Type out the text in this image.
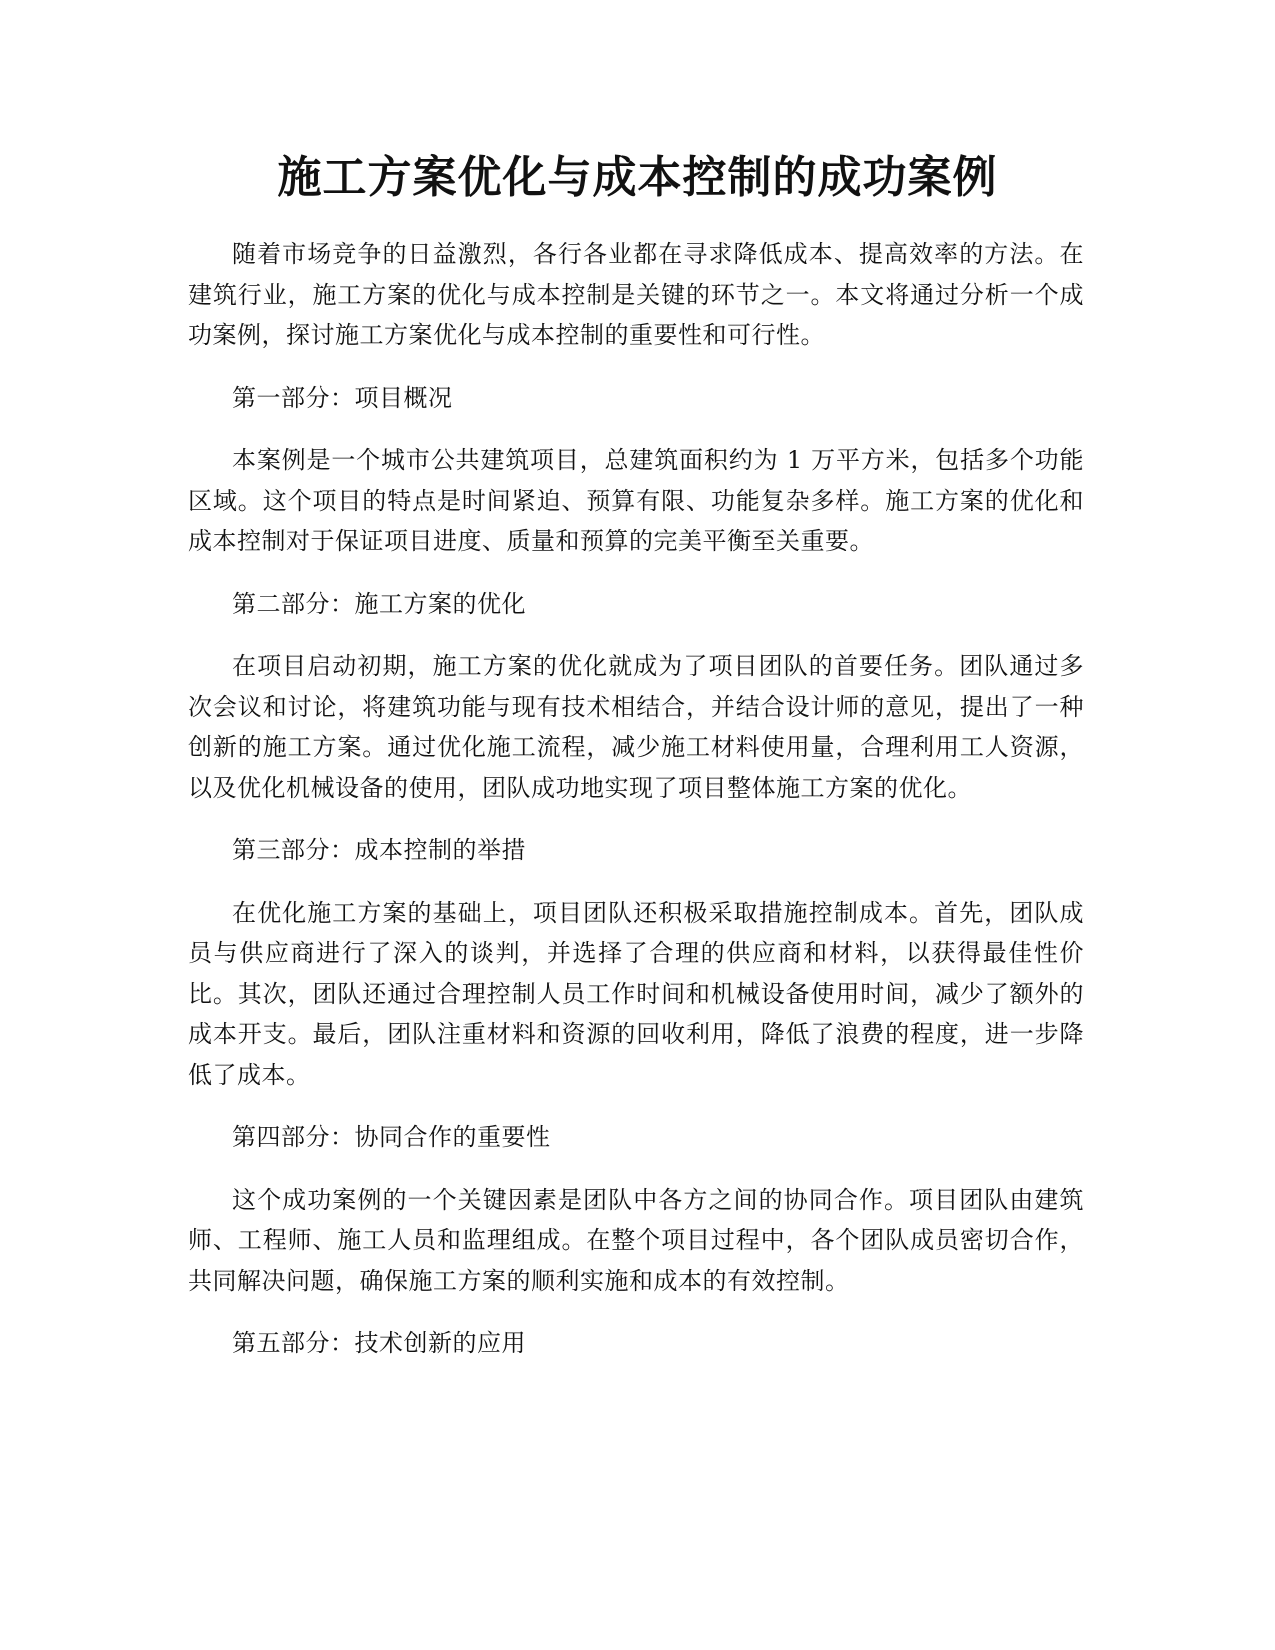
施工方案优化与成本控制的成功案例

随着市场竞争的日益激烈，各行各业都在寻求降低成本、提高效率的方法。在建筑行业，施工方案的优化与成本控制是关键的环节之一。本文将通过分析一个成功案例，探讨施工方案优化与成本控制的重要性和可行性。

第一部分：项目概况

本案例是一个城市公共建筑项目，总建筑面积约为 1 万平方米，包括多个功能区域。这个项目的特点是时间紧迫、预算有限、功能复杂多样。施工方案的优化和成本控制对于保证项目进度、质量和预算的完美平衡至关重要。

第二部分：施工方案的优化

在项目启动初期，施工方案的优化就成为了项目团队的首要任务。团队通过多次会议和讨论，将建筑功能与现有技术相结合，并结合设计师的意见，提出了一种创新的施工方案。通过优化施工流程，减少施工材料使用量，合理利用工人资源，以及优化机械设备的使用，团队成功地实现了项目整体施工方案的优化。

第三部分：成本控制的举措

在优化施工方案的基础上，项目团队还积极采取措施控制成本。首先，团队成员与供应商进行了深入的谈判，并选择了合理的供应商和材料，以获得最佳性价比。其次，团队还通过合理控制人员工作时间和机械设备使用时间，减少了额外的成本开支。最后，团队注重材料和资源的回收利用，降低了浪费的程度，进一步降低了成本。

第四部分：协同合作的重要性

这个成功案例的一个关键因素是团队中各方之间的协同合作。项目团队由建筑师、工程师、施工人员和监理组成。在整个项目过程中，各个团队成员密切合作，共同解决问题，确保施工方案的顺利实施和成本的有效控制。

第五部分：技术创新的应用
